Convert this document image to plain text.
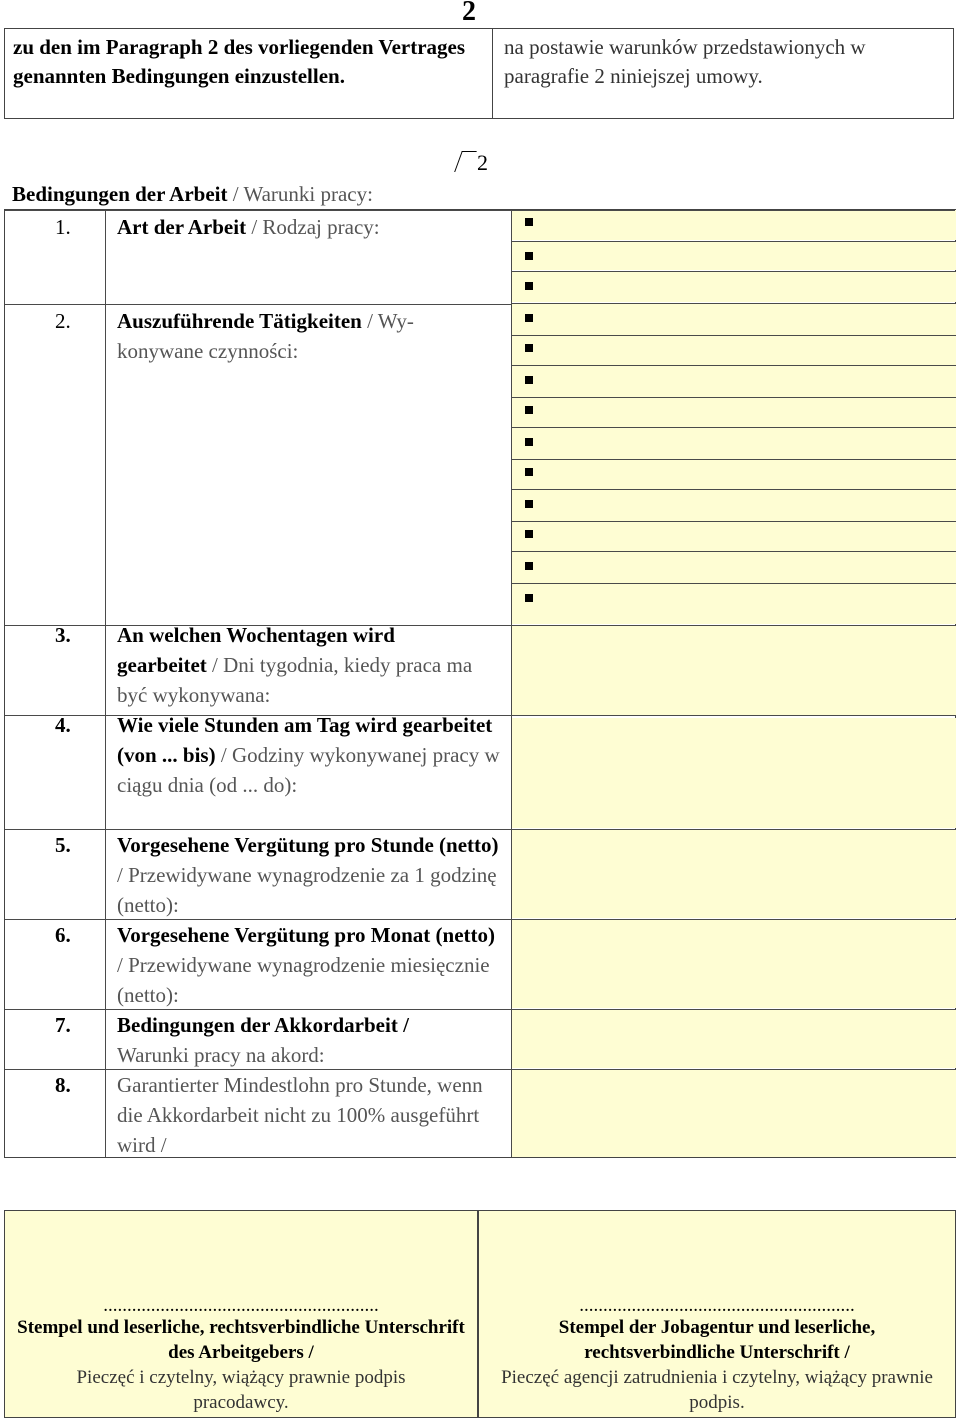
2
zu den im Paragraph 2 des vorliegenden Vertrages genannten Bedingungen einzustellen.
na postawie warunków przedstawionych w paragrafie 2 niniejszej umowy.
2
Bedingungen der Arbeit / Warunki pracy:
1. Art der Arbeit / Rodzaj pracy:
2. Auszuführende Tätigkeiten / Wy-konywane czynności:
3. An welchen Wochentagen wird gearbeitet / Dni tygodnia, kiedy praca ma być wykonywana:
4. Wie viele Stunden am Tag wird gearbeitet (von ... bis) / Godziny wykonywanej pracy w ciągu dnia (od ... do):
5. Vorgesehene Vergütung pro Stunde (netto) / Przewidywane wynagrodzenie za 1 godzinę (netto):
6. Vorgesehene Vergütung pro Monat (netto) / Przewidywane wynagrodzenie miesięcznie (netto):
7. Bedingungen der Akkordarbeit /
Warunki pracy na akord:
8. Garantierter Mindestlohn pro Stunde, wenn die Akkordarbeit nicht zu 100% ausgeführt wird /
..........................................................
Stempel und leserliche, rechtsverbindliche Unterschrift des Arbeitgebers /
Pieczęć i czytelny, wiążący prawnie podpis pracodawcy.
..........................................................
Stempel der Jobagentur und leserliche, rechtsverbindliche Unterschrift /
Pieczęć agencji zatrudnienia i czytelny, wiążący prawnie podpis.
